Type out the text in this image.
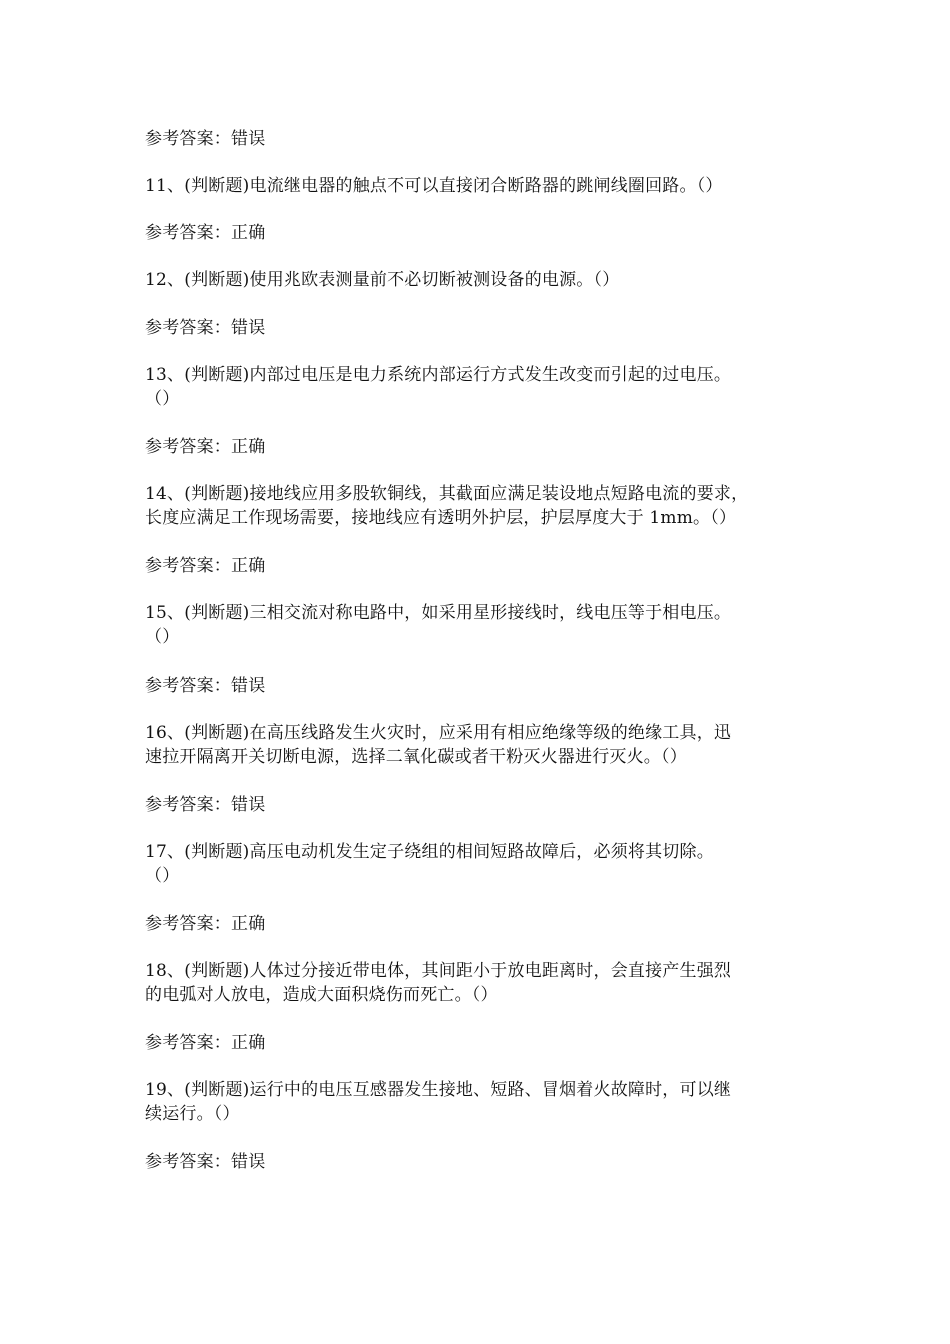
参考答案：错误
11、(判断题)电流继电器的触点不可以直接闭合断路器的跳闸线圈回路。（）
参考答案：正确
12、(判断题)使用兆欧表测量前不必切断被测设备的电源。（）
参考答案：错误
13、(判断题)内部过电压是电力系统内部运行方式发生改变而引起的过电压。
（）
参考答案：正确
14、(判断题)接地线应用多股软铜线，其截面应满足装设地点短路电流的要求，
长度应满足工作现场需要，接地线应有透明外护层，护层厚度大于 1mm。（）
参考答案：正确
15、(判断题)三相交流对称电路中，如采用星形接线时，线电压等于相电压。
（）
参考答案：错误
16、(判断题)在高压线路发生火灾时，应采用有相应绝缘等级的绝缘工具，迅
速拉开隔离开关切断电源，选择二氧化碳或者干粉灭火器进行灭火。（）
参考答案：错误
17、(判断题)高压电动机发生定子绕组的相间短路故障后，必须将其切除。
（）
参考答案：正确
18、(判断题)人体过分接近带电体，其间距小于放电距离时，会直接产生强烈
的电弧对人放电，造成大面积烧伤而死亡。（）
参考答案：正确
19、(判断题)运行中的电压互感器发生接地、短路、冒烟着火故障时，可以继
续运行。（）
参考答案：错误
